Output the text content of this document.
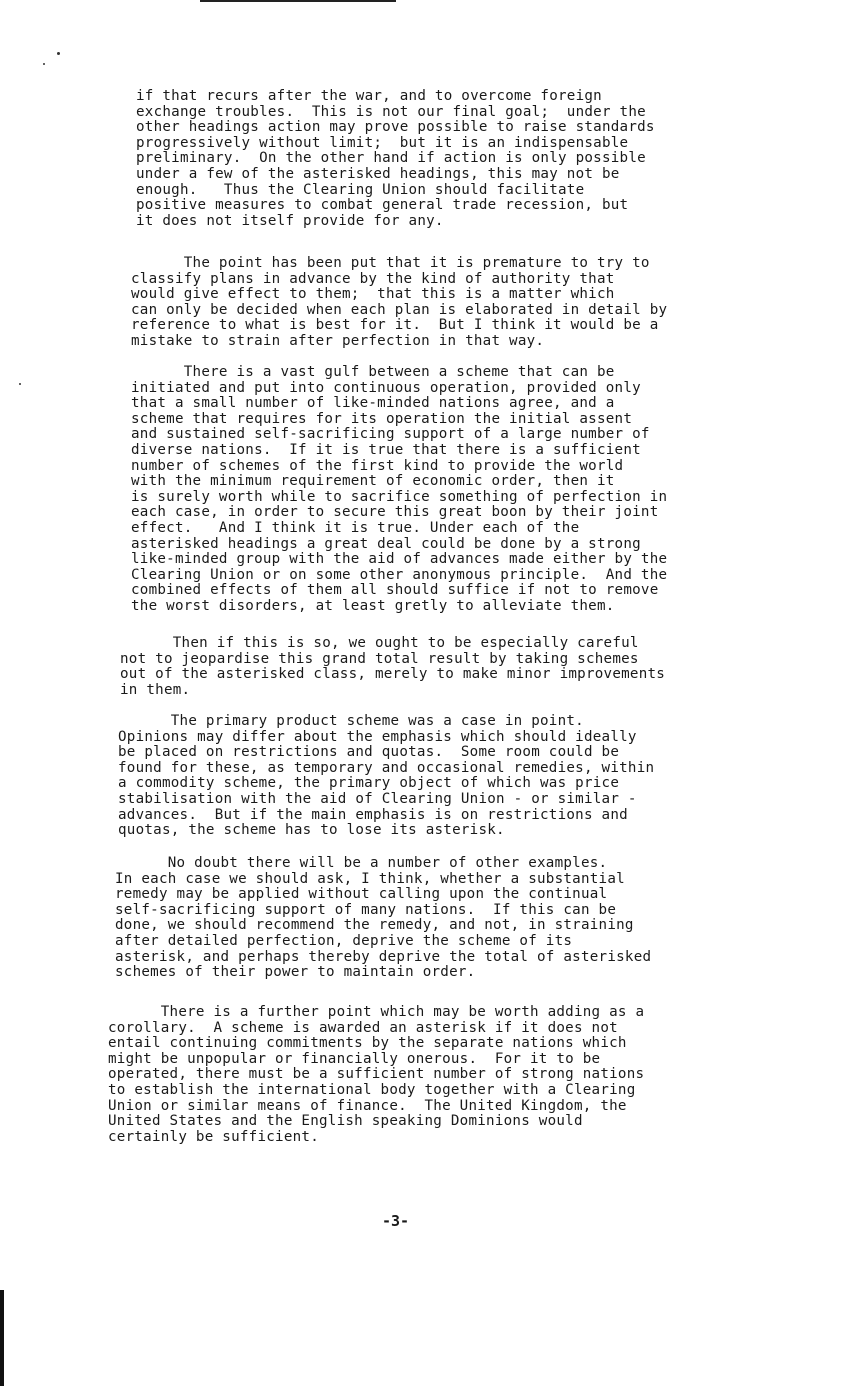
if that recurs after the war, and to overcome foreign
exchange troubles.  This is not our final goal;  under the
other headings action may prove possible to raise standards
progressively without limit;  but it is an indispensable
preliminary.  On the other hand if action is only possible
under a few of the asterisked headings, this may not be
enough.   Thus the Clearing Union should facilitate
positive measures to combat general trade recession, but
it does not itself provide for any.

The point has been put that it is premature to try to
classify plans in advance by the kind of authority that
would give effect to them;  that this is a matter which
can only be decided when each plan is elaborated in detail by
reference to what is best for it.  But I think it would be a
mistake to strain after perfection in that way.

There is a vast gulf between a scheme that can be
initiated and put into continuous operation, provided only
that a small number of like-minded nations agree, and a
scheme that requires for its operation the initial assent
and sustained self-sacrificing support of a large number of
diverse nations.  If it is true that there is a sufficient
number of schemes of the first kind to provide the world
with the minimum requirement of economic order, then it
is surely worth while to sacrifice something of perfection in
each case, in order to secure this great boon by their joint
effect.   And I think it is true. Under each of the
asterisked headings a great deal could be done by a strong
like-minded group with the aid of advances made either by the
Clearing Union or on some other anonymous principle.  And the
combined effects of them all should suffice if not to remove
the worst disorders, at least gretly to alleviate them.

Then if this is so, we ought to be especially careful
not to jeopardise this grand total result by taking schemes
out of the asterisked class, merely to make minor improvements
in them.

The primary product scheme was a case in point.
Opinions may differ about the emphasis which should ideally
be placed on restrictions and quotas.  Some room could be
found for these, as temporary and occasional remedies, within
a commodity scheme, the primary object of which was price
stabilisation with the aid of Clearing Union - or similar -
advances.  But if the main emphasis is on restrictions and
quotas, the scheme has to lose its asterisk.

No doubt there will be a number of other examples.
In each case we should ask, I think, whether a substantial
remedy may be applied without calling upon the continual
self-sacrificing support of many nations.  If this can be
done, we should recommend the remedy, and not, in straining
after detailed perfection, deprive the scheme of its
asterisk, and perhaps thereby deprive the total of asterisked
schemes of their power to maintain order.

There is a further point which may be worth adding as a
corollary.  A scheme is awarded an asterisk if it does not
entail continuing commitments by the separate nations which
might be unpopular or financially onerous.  For it to be
operated, there must be a sufficient number of strong nations
to establish the international body together with a Clearing
Union or similar means of finance.  The United Kingdom, the
United States and the English speaking Dominions would
certainly be sufficient.

-3-
